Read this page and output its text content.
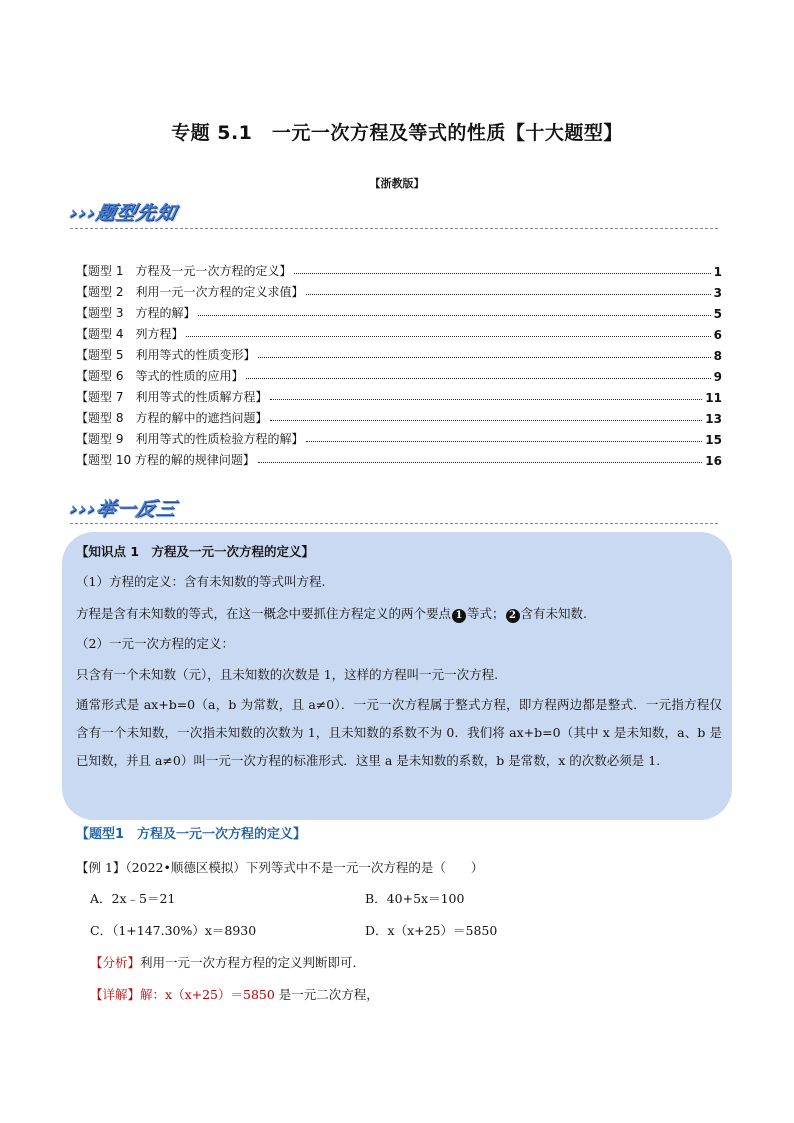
专题 5.1　一元一次方程及等式的性质【十大题型】
【浙教版】
›››题型先知
【题型 1　方程及一元一次方程的定义】	1
【题型 2　利用一元一次方程的定义求值】	3
【题型 3　方程的解】	5
【题型 4　列方程】	6
【题型 5　利用等式的性质变形】	8
【题型 6　等式的性质的应用】	9
【题型 7　利用等式的性质解方程】	11
【题型 8　方程的解中的遮挡问题】	13
【题型 9　利用等式的性质检验方程的解】	15
【题型 10 方程的解的规律问题】	16
›››举一反三
【知识点 1　方程及一元一次方程的定义】
（1）方程的定义：含有未知数的等式叫方程.
方程是含有未知数的等式，在这一概念中要抓住方程定义的两个要点 1 等式； 2 含有未知数.
（2）一元一次方程的定义：
只含有一个未知数（元），且未知数的次数是 1，这样的方程叫一元一次方程.
通常形式是 ax+b=0（a，b 为常数，且 a≠0）．一元一次方程属于整式方程，即方程两边都是整式．一元指方程仅含有一个未知数，一次指未知数的次数为 1，且未知数的系数不为 0．我们将 ax+b=0（其中 x 是未知数，a、b 是已知数，并且 a≠0）叫一元一次方程的标准形式．这里 a 是未知数的系数，b 是常数，x 的次数必须是 1.
【题型1　方程及一元一次方程的定义】
【例 1】（2022•顺德区模拟）下列等式中不是一元一次方程的是（　　）
A．2x﹣5＝21	B．40+5x＝100
C．（1+147.30%）x＝8930	D．x（x+25）＝5850
【分析】利用一元一次方程方程的定义判断即可．
【详解】解：x（x+25）＝5850 是一元二次方程，
